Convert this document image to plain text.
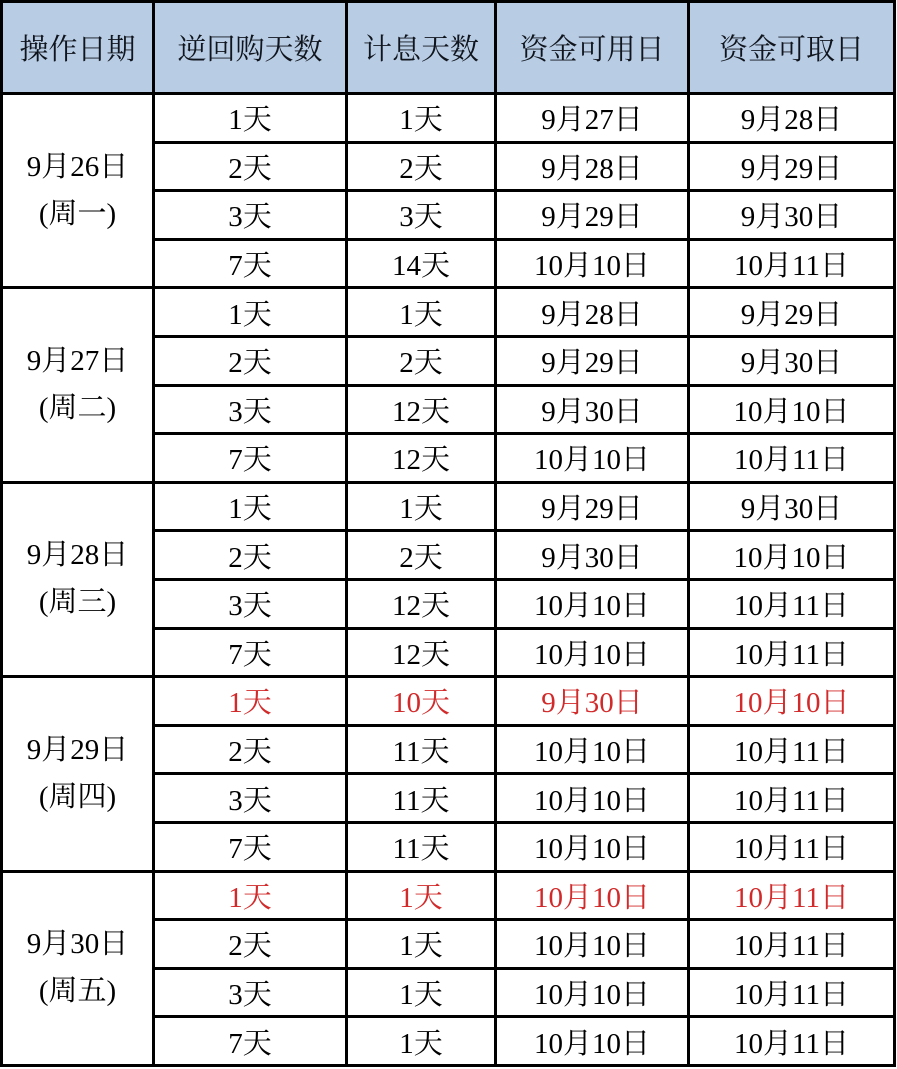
操作日期	逆回购天数	计息天数	资金可用日	资金可取日

9月26日
(周一)	1天	1天	9月27日	9月28日
	2天	2天	9月28日	9月29日
	3天	3天	9月29日	9月30日
	7天	14天	10月10日	10月11日

9月27日
(周二)	1天	1天	9月28日	9月29日
	2天	2天	9月29日	9月30日
	3天	12天	9月30日	10月10日
	7天	12天	10月10日	10月11日

9月28日
(周三)	1天	1天	9月29日	9月30日
	2天	2天	9月30日	10月10日
	3天	12天	10月10日	10月11日
	7天	12天	10月10日	10月11日

9月29日
(周四)	1天	10天	9月30日	10月10日
	2天	11天	10月10日	10月11日
	3天	11天	10月10日	10月11日
	7天	11天	10月10日	10月11日

9月30日
(周五)	1天	1天	10月10日	10月11日
	2天	1天	10月10日	10月11日
	3天	1天	10月10日	10月11日
	7天	1天	10月10日	10月11日
